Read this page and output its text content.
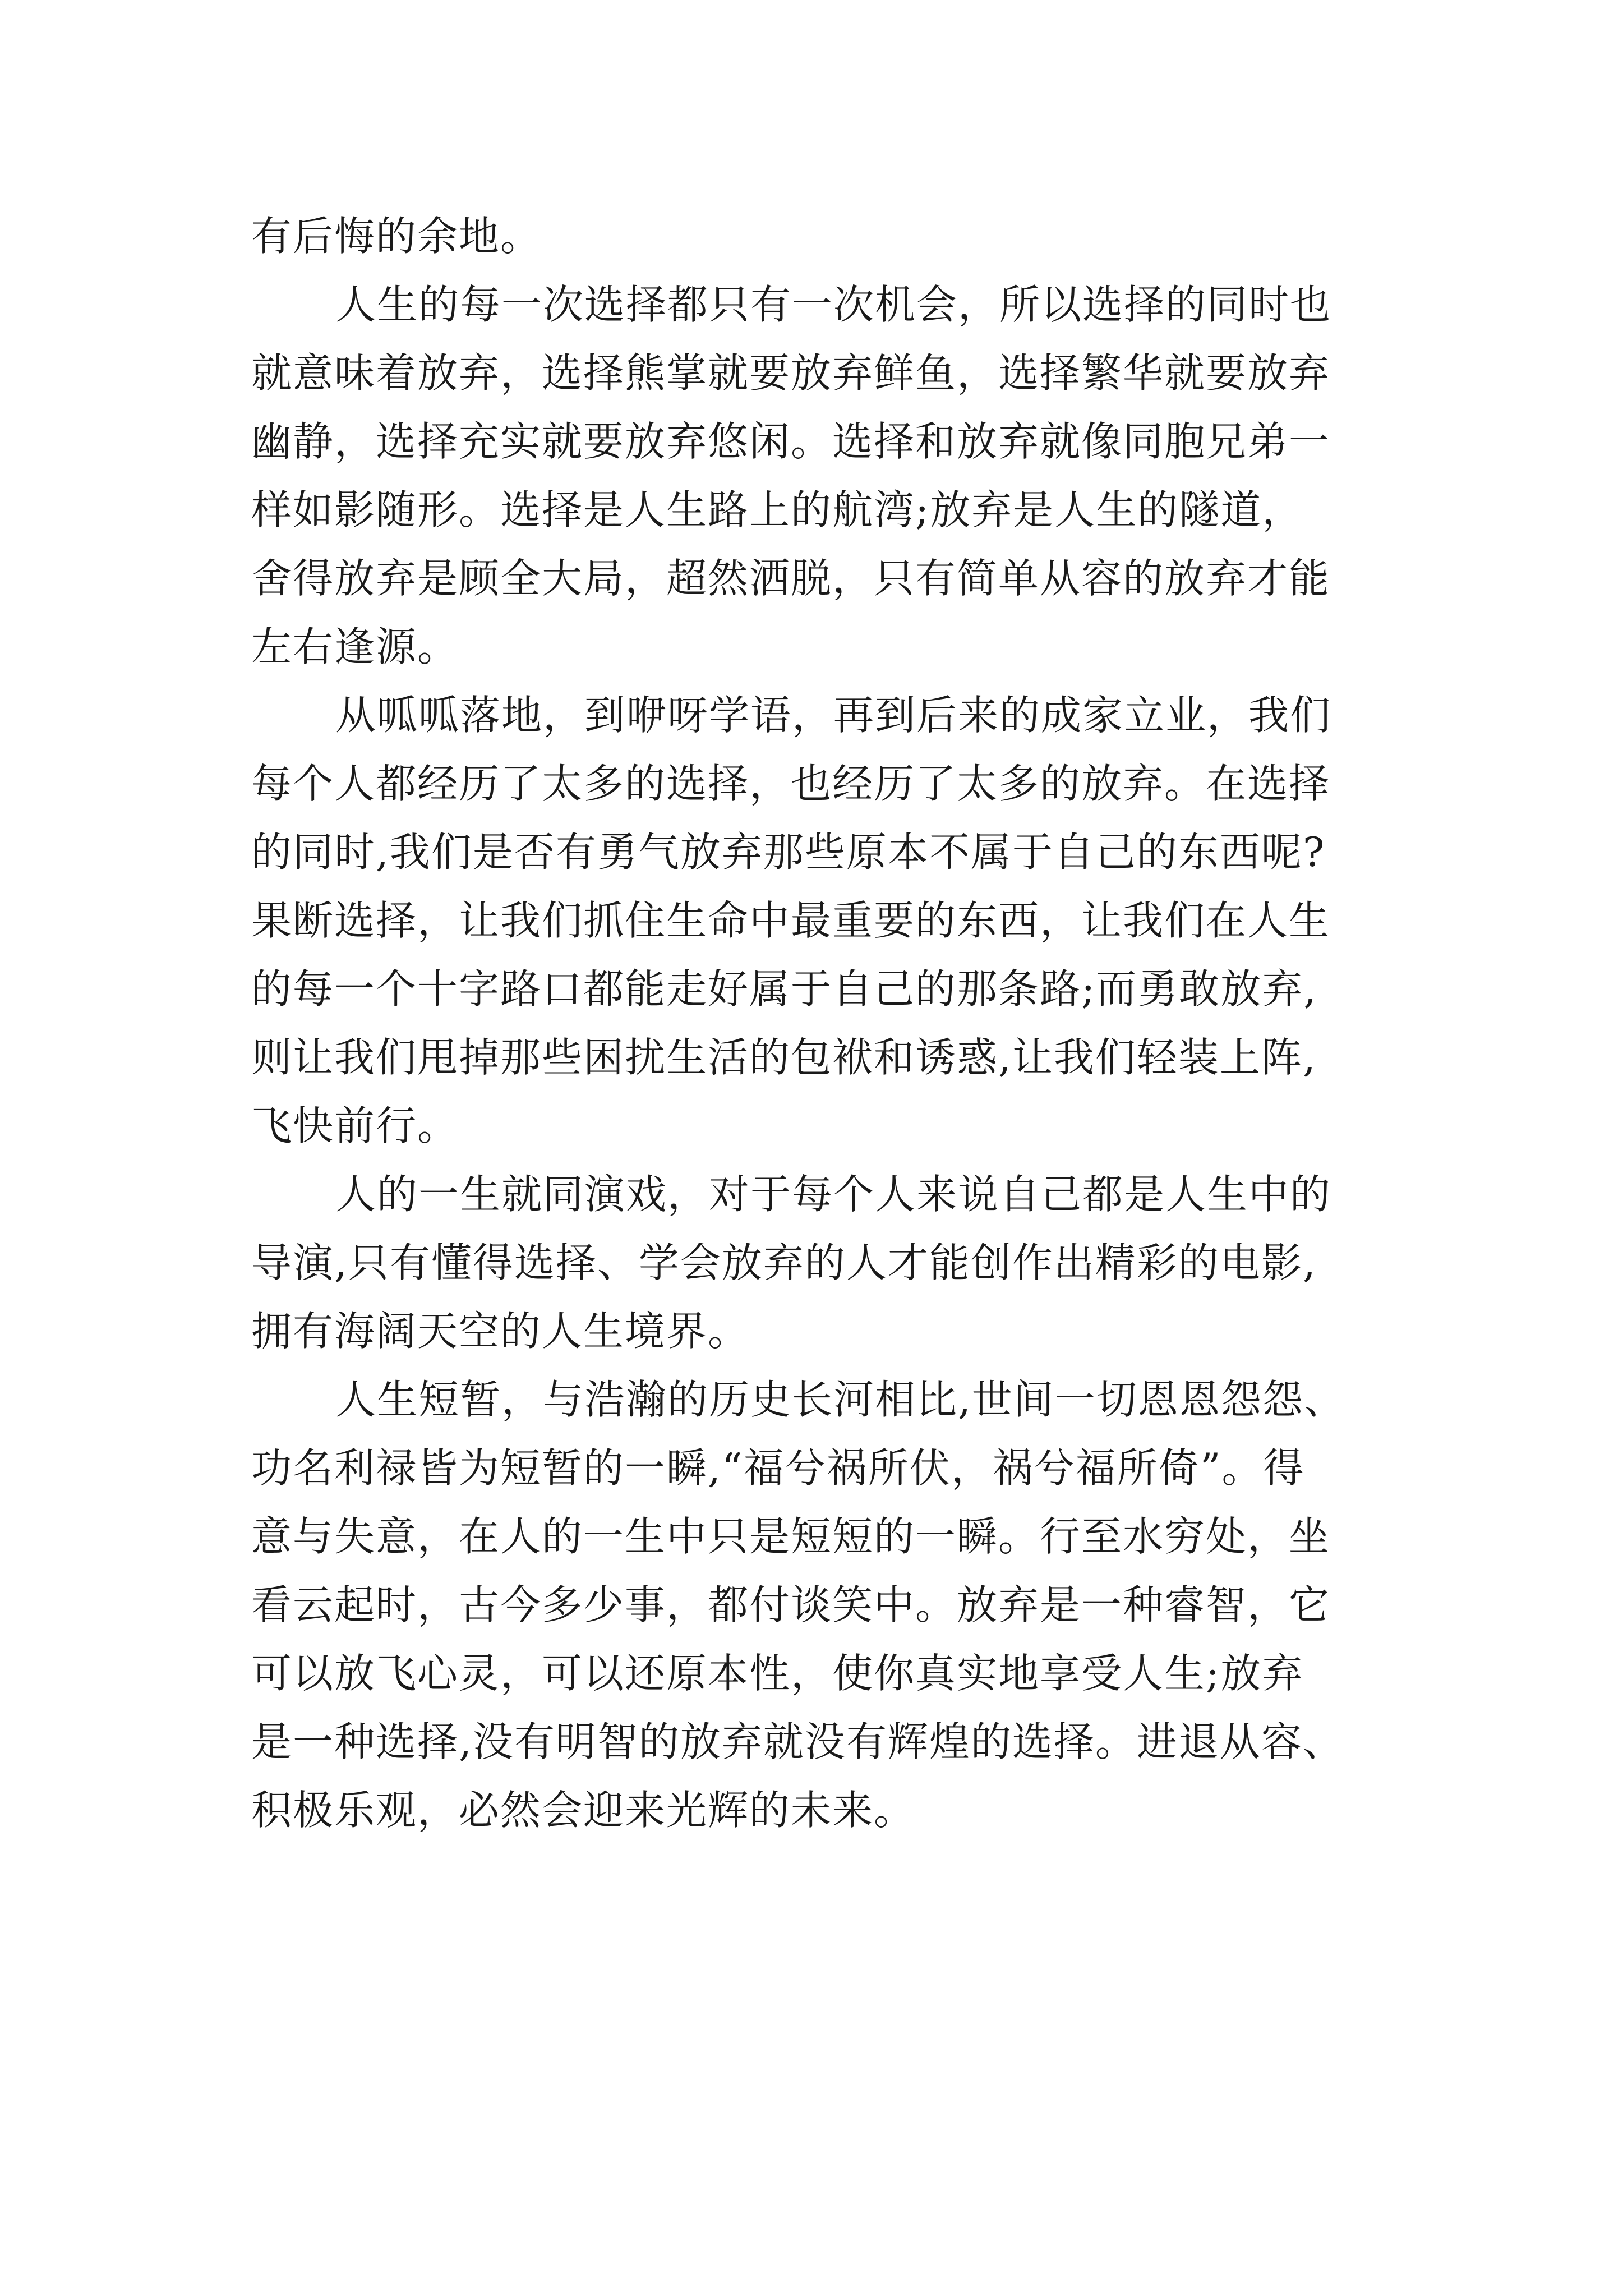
有后悔的余地。
人生的每一次选择都只有一次机会，所以选择的同时也
就意味着放弃，选择熊掌就要放弃鲜鱼，选择繁华就要放弃
幽静，选择充实就要放弃悠闲。选择和放弃就像同胞兄弟一
样如影随形。选择是人生路上的航湾;放弃是人生的隧道，
舍得放弃是顾全大局，超然洒脱，只有简单从容的放弃才能
左右逢源。
从呱呱落地，到咿呀学语，再到后来的成家立业，我们
每个人都经历了太多的选择，也经历了太多的放弃。在选择
的同时,我们是否有勇气放弃那些原本不属于自己的东西呢?
果断选择，让我们抓住生命中最重要的东西，让我们在人生
的每一个十字路口都能走好属于自己的那条路;而勇敢放弃,
则让我们甩掉那些困扰生活的包袱和诱惑,让我们轻装上阵,
飞快前行。
人的一生就同演戏，对于每个人来说自己都是人生中的
导演,只有懂得选择、学会放弃的人才能创作出精彩的电影,
拥有海阔天空的人生境界。
人生短暂，与浩瀚的历史长河相比,世间一切恩恩怨怨、
功名利禄皆为短暂的一瞬,“福兮祸所伏，祸兮福所倚”。得
意与失意，在人的一生中只是短短的一瞬。行至水穷处，坐
看云起时，古今多少事，都付谈笑中。放弃是一种睿智，它
可以放飞心灵，可以还原本性，使你真实地享受人生;放弃
是一种选择,没有明智的放弃就没有辉煌的选择。进退从容、
积极乐观，必然会迎来光辉的未来。
